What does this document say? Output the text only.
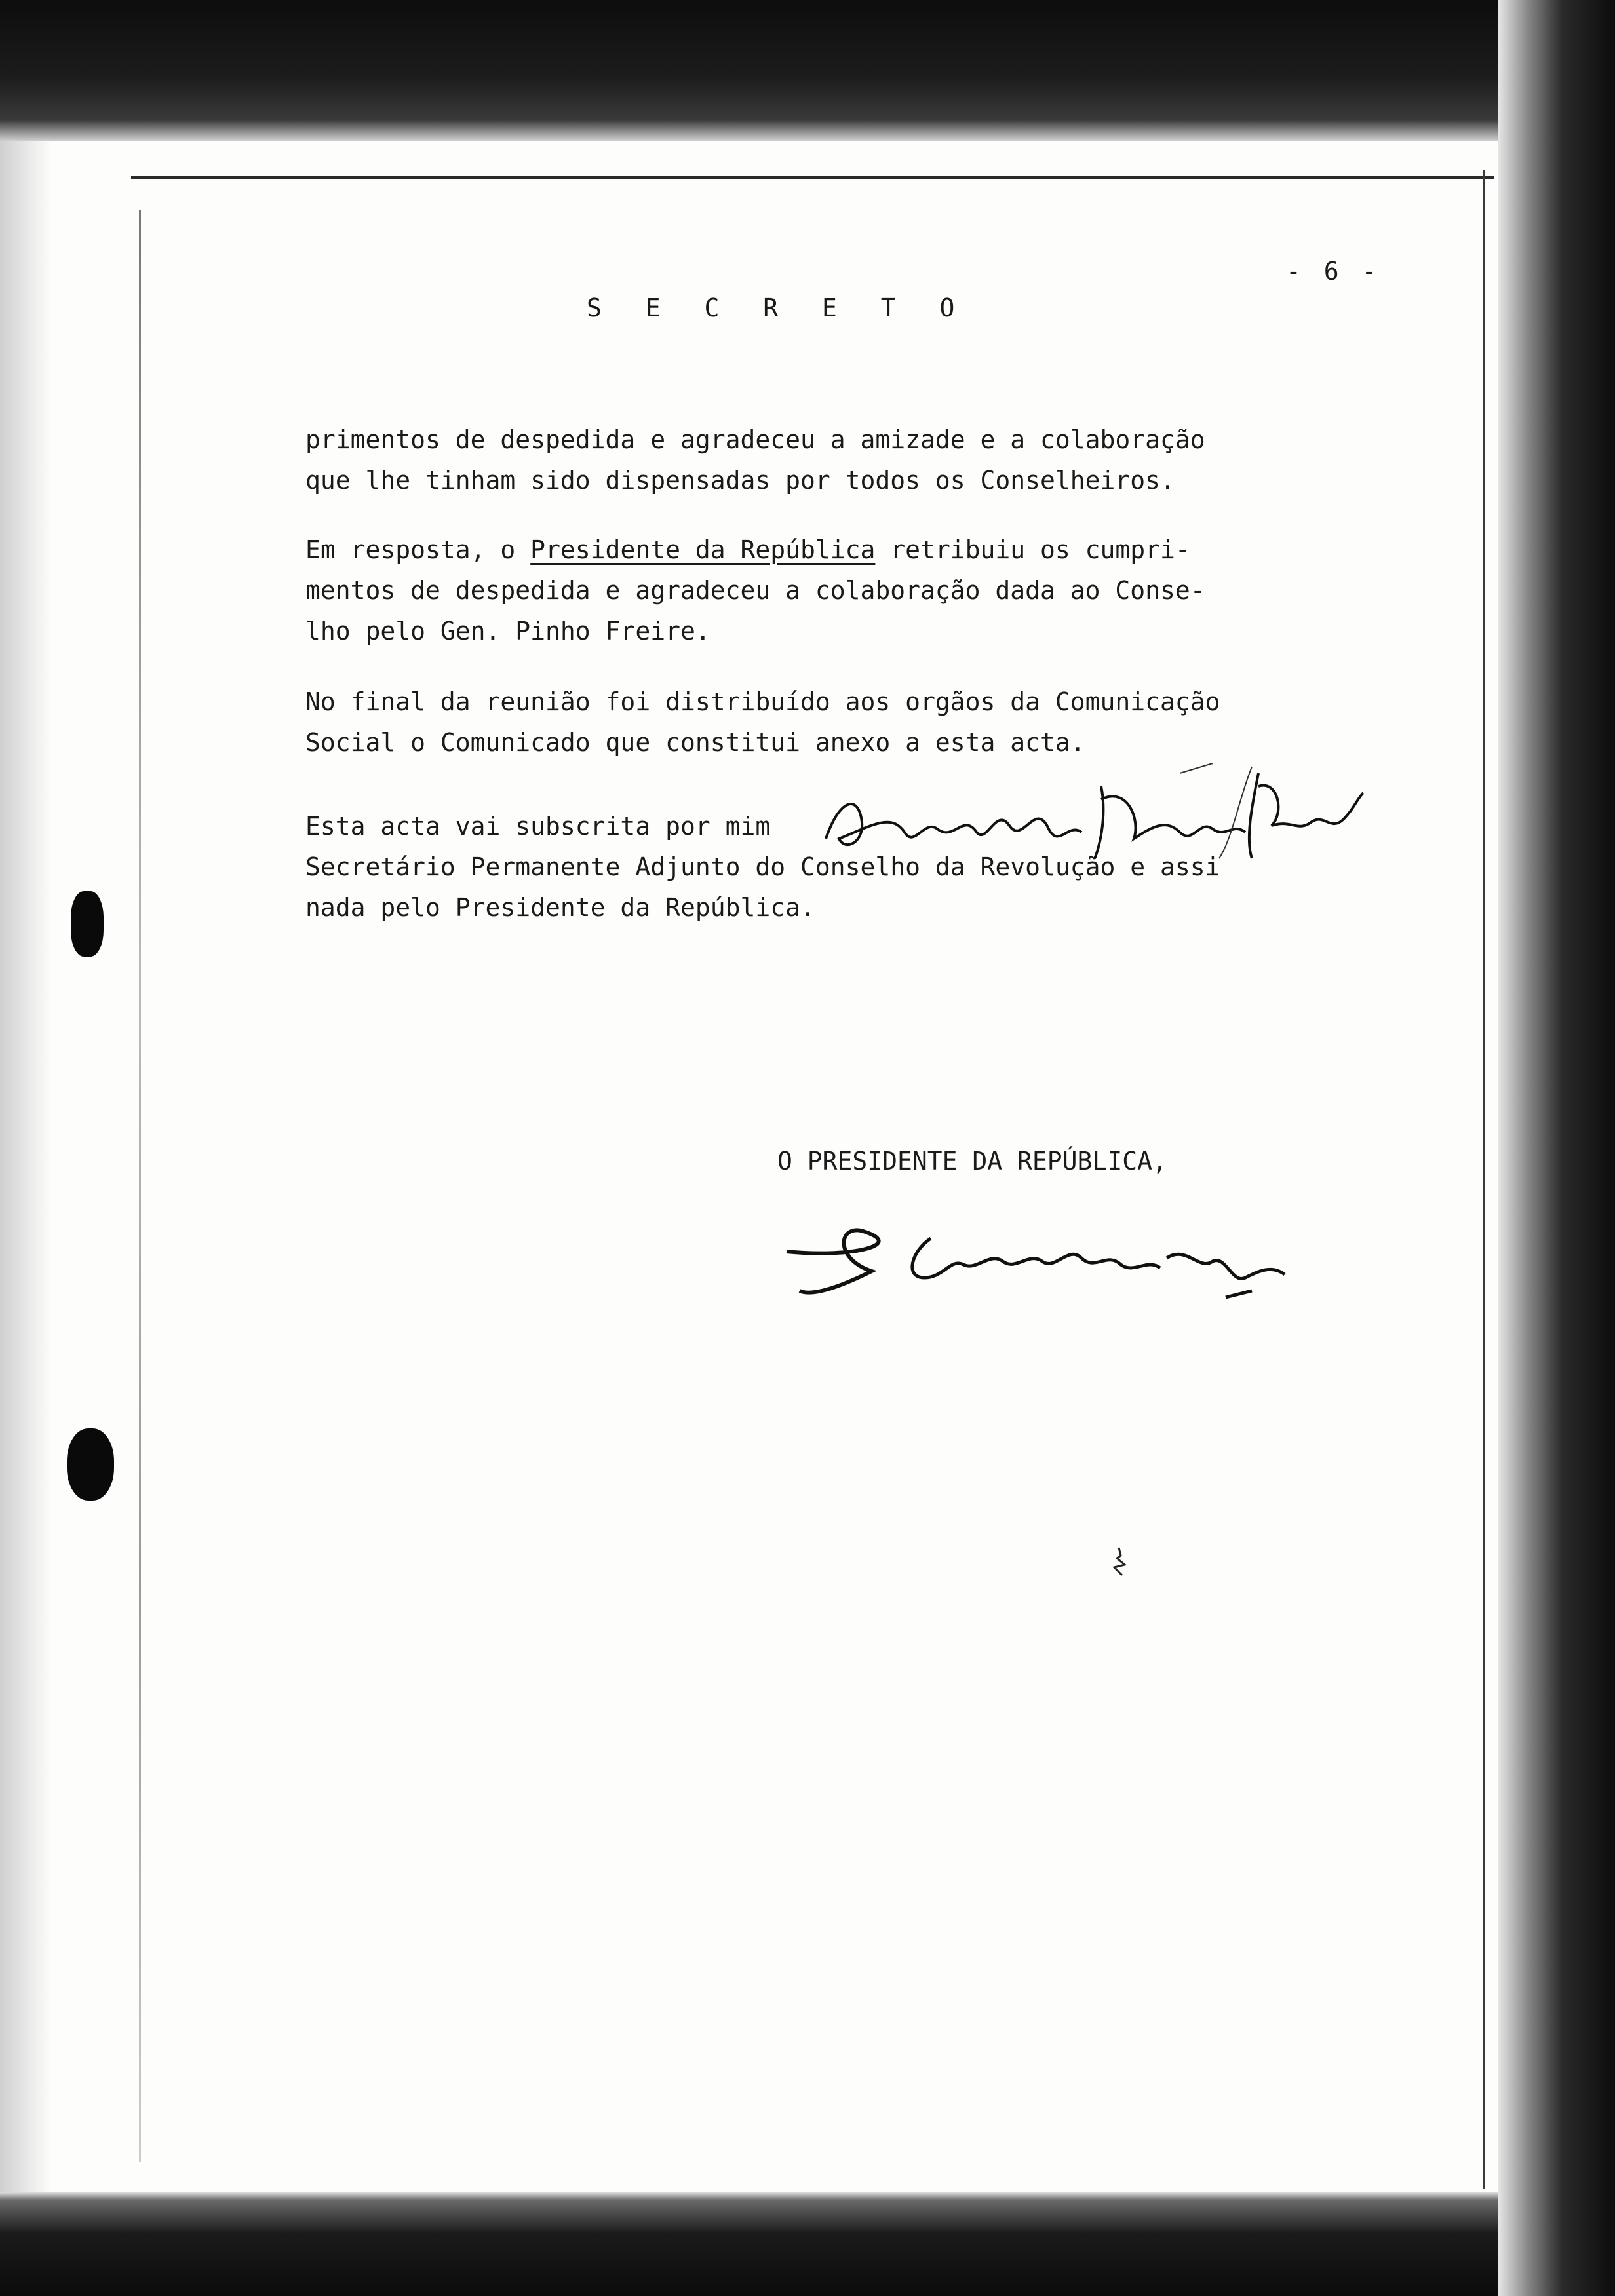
S E C R E T O
- 6 -
primentos de despedida e agradeceu a amizade e a colaboração
que lhe tinham sido dispensadas por todos os Conselheiros.
Em resposta, o Presidente da República retribuiu os cumpri-
mentos de despedida e agradeceu a colaboração dada ao Conse-
lho pelo Gen. Pinho Freire.
No final da reunião foi distribuído aos orgãos da Comunicação
Social o Comunicado que constitui anexo a esta acta.
Esta acta vai subscrita por mim
Secretário Permanente Adjunto do Conselho da Revolução e assi
nada pelo Presidente da República.
O PRESIDENTE DA REPÚBLICA,
